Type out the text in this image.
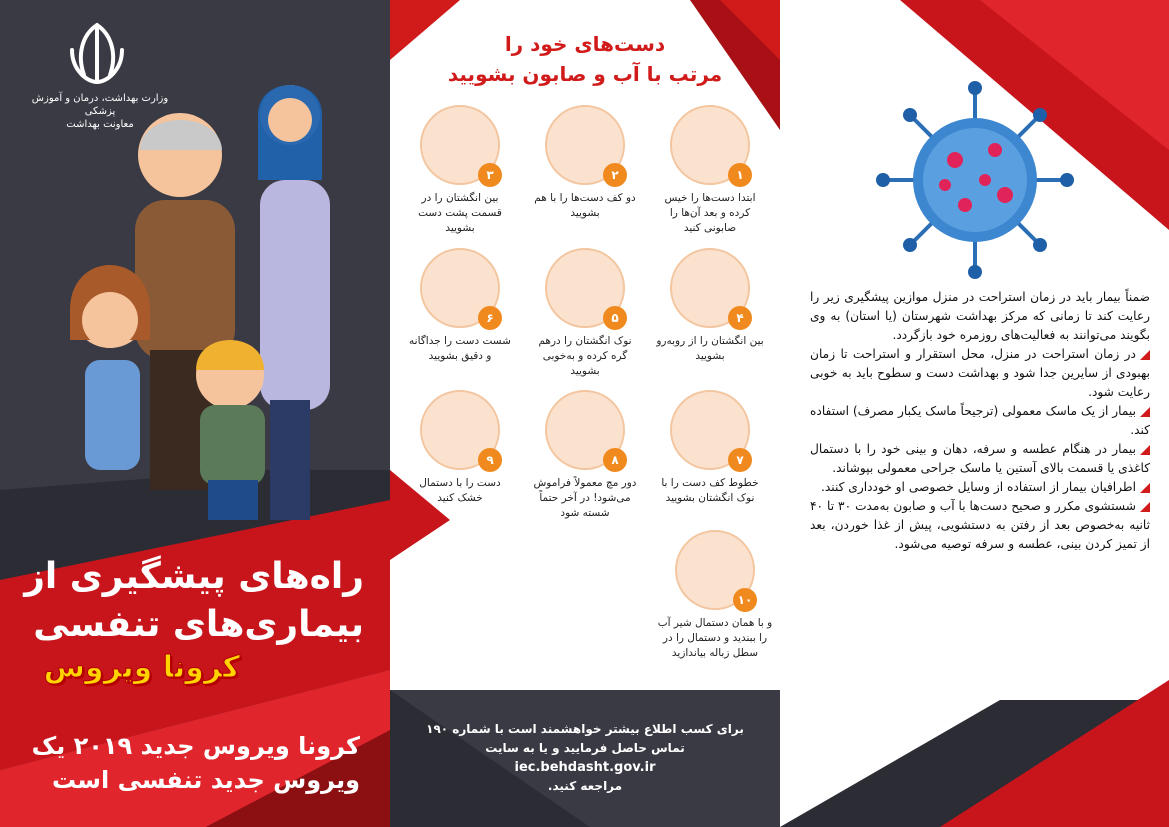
وزارت بهداشت، درمان و آموزش پزشکی
معاونت بهداشت
راه‌های پیشگیری از
بیماری‌های تنفسی
کرونا ویروس
کرونا ویروس جدید ۲۰۱۹ یک
ویروس جدید تنفسی است
دست‌های خود را
مرتب با آب و صابون بشویید
۱
ابتدا دست‌ها را خیس کرده و بعد آن‌ها را صابونی کنید
۲
دو کف دست‌ها را با هم بشویید
۳
بین انگشتان را در قسمت پشت دست بشویید
۴
بین انگشتان را از روبه‌رو بشویید
۵
نوک انگشتان را درهم گره کرده و به‌خوبی بشویید
۶
شست دست را جداگانه و دقیق بشویید
۷
خطوط کف دست را با نوک انگشتان بشویید
۸
دور مچ معمولاً فراموش می‌شود! در آخر حتماً شسته شود
۹
دست را با دستمال خشک کنید
۱۰
و با همان دستمال شیر آب را ببندید و دستمال را در سطل زباله بیاندازید
برای کسب اطلاع بیشتر خواهشمند است با شماره ۱۹۰
تماس حاصل فرمایید و یا به سایت
iec.behdasht.gov.ir
مراجعه کنید.

ضمناً بیمار باید در زمان استراحت در منزل موازین پیشگیری زیر را رعایت کند تا زمانی که مرکز بهداشت شهرستان (یا استان) به وی بگویند می‌توانند به فعالیت‌های روزمره خود بازگردد.

در زمان استراحت در منزل، محل استقرار و استراحت تا زمان بهبودی از سایرین جدا شود و بهداشت دست و سطوح باید به خوبی رعایت شود.

بیمار از یک ماسک معمولی (ترجیحاً ماسک یکبار مصرف) استفاده کند.

بیمار در هنگام عطسه و سرفه، دهان و بینی خود را با دستمال کاغذی یا قسمت بالای آستین یا ماسک جراحی معمولی بپوشاند.

اطرافیان بیمار از استفاده از وسایل خصوصی او خودداری کنند.

شستشوی مکرر و صحیح دست‌ها با آب و صابون به‌مدت ۳۰ تا ۴۰ ثانیه به‌خصوص بعد از رفتن به دستشویی، پیش از غذا خوردن، بعد از تمیز کردن بینی، عطسه و سرفه توصیه می‌شود.
